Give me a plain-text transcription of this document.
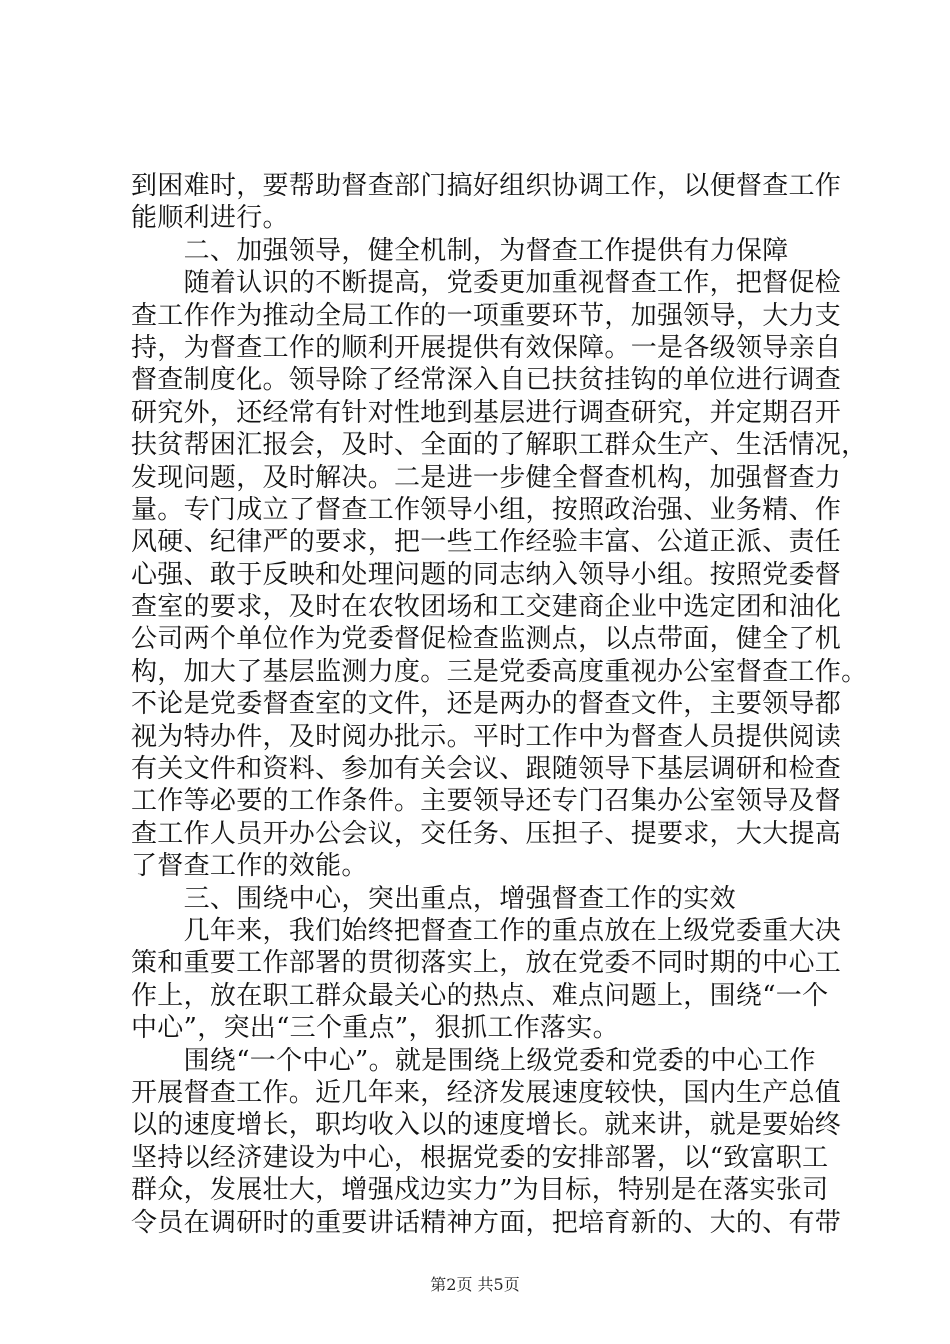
到困难时，要帮助督查部门搞好组织协调工作，以便督查工作
能顺利进行。
　　二、加强领导，健全机制，为督查工作提供有力保障
　　随着认识的不断提高，党委更加重视督查工作，把督促检
查工作作为推动全局工作的一项重要环节，加强领导，大力支
持，为督查工作的顺利开展提供有效保障。一是各级领导亲自
督查制度化。领导除了经常深入自已扶贫挂钩的单位进行调查
研究外，还经常有针对性地到基层进行调查研究，并定期召开
扶贫帮困汇报会，及时、全面的了解职工群众生产、生活情况，
发现问题，及时解决。二是进一步健全督查机构，加强督查力
量。专门成立了督查工作领导小组，按照政治强、业务精、作
风硬、纪律严的要求，把一些工作经验丰富、公道正派、责任
心强、敢于反映和处理问题的同志纳入领导小组。按照党委督
查室的要求，及时在农牧团场和工交建商企业中选定团和油化
公司两个单位作为党委督促检查监测点，以点带面，健全了机
构，加大了基层监测力度。三是党委高度重视办公室督查工作。
不论是党委督查室的文件，还是两办的督查文件，主要领导都
视为特办件，及时阅办批示。平时工作中为督查人员提供阅读
有关文件和资料、参加有关会议、跟随领导下基层调研和检查
工作等必要的工作条件。主要领导还专门召集办公室领导及督
查工作人员开办公会议，交任务、压担子、提要求，大大提高
了督查工作的效能。
　　三、围绕中心，突出重点，增强督查工作的实效
　　几年来，我们始终把督查工作的重点放在上级党委重大决
策和重要工作部署的贯彻落实上，放在党委不同时期的中心工
作上，放在职工群众最关心的热点、难点问题上，围绕“一个
中心”，突出“三个重点”，狠抓工作落实。
　　围绕“一个中心”。就是围绕上级党委和党委的中心工作
开展督查工作。近几年来，经济发展速度较快，国内生产总值
以的速度增长，职均收入以的速度增长。就来讲，就是要始终
坚持以经济建设为中心，根据党委的安排部署，以“致富职工
群众，发展壮大，增强戍边实力”为目标，特别是在落实张司
令员在调研时的重要讲话精神方面，把培育新的、大的、有带
第2页 共5页
